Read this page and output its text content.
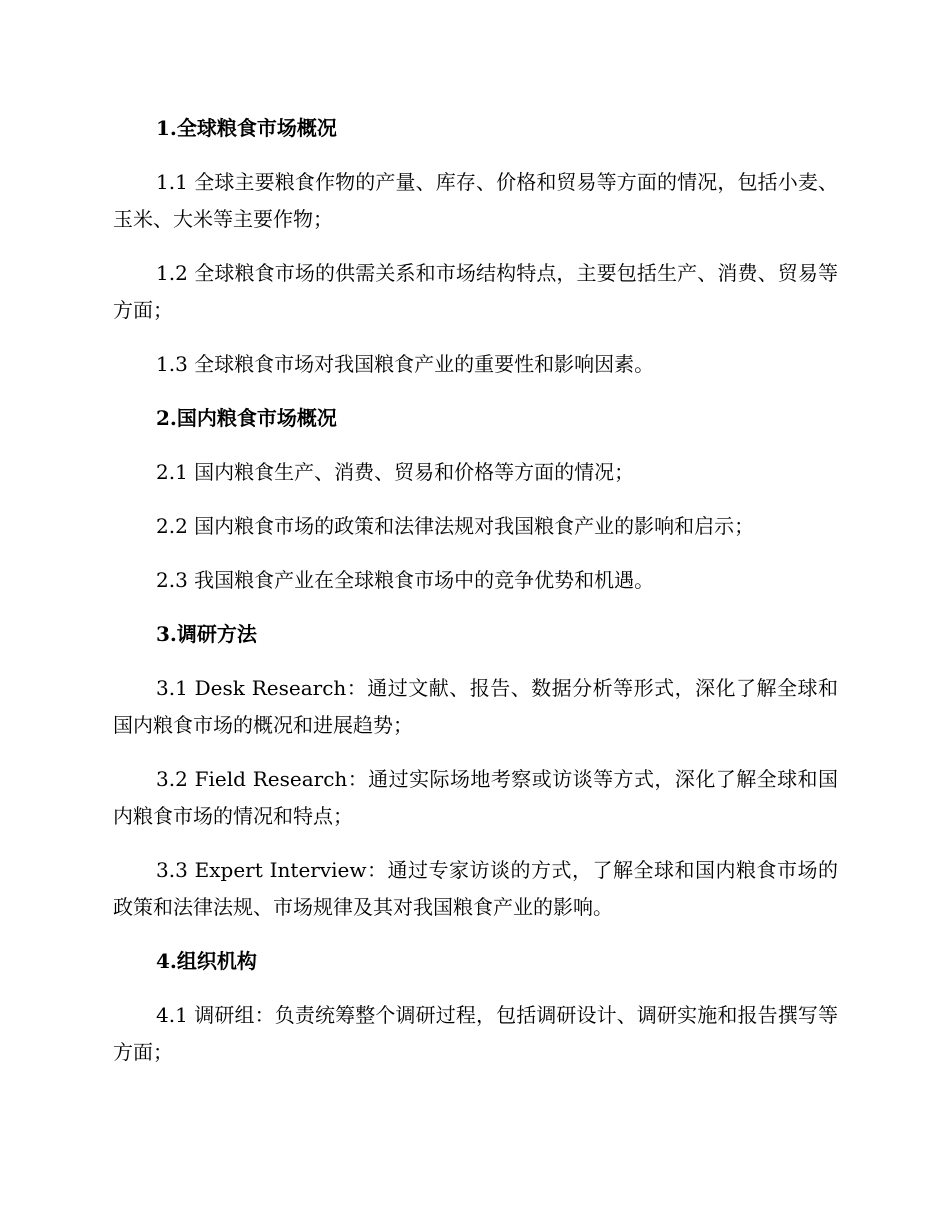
1.全球粮食市场概况

1.1 全球主要粮食作物的产量、库存、价格和贸易等方面的情况，包括小麦、玉米、大米等主要作物；

1.2 全球粮食市场的供需关系和市场结构特点，主要包括生产、消费、贸易等方面；

1.3 全球粮食市场对我国粮食产业的重要性和影响因素。

2.国内粮食市场概况

2.1 国内粮食生产、消费、贸易和价格等方面的情况；

2.2 国内粮食市场的政策和法律法规对我国粮食产业的影响和启示；

2.3 我国粮食产业在全球粮食市场中的竞争优势和机遇。

3.调研方法

3.1 Desk Research：通过文献、报告、数据分析等形式，深化了解全球和国内粮食市场的概况和进展趋势；

3.2 Field Research：通过实际场地考察或访谈等方式，深化了解全球和国内粮食市场的情况和特点；

3.3 Expert Interview：通过专家访谈的方式，了解全球和国内粮食市场的政策和法律法规、市场规律及其对我国粮食产业的影响。

4.组织机构

4.1 调研组：负责统筹整个调研过程，包括调研设计、调研实施和报告撰写等方面；
